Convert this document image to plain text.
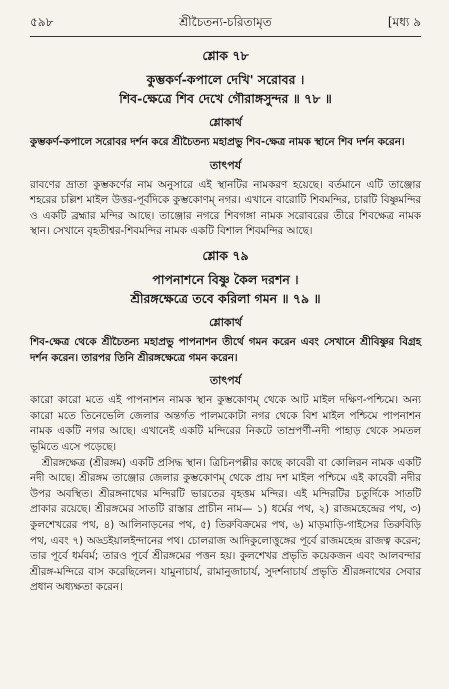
৫৯৮	শ্রীচৈতন্য-চরিতামৃত	[মধ্য ৯
শ্লোক ৭৮
কুম্ভকর্ণ-কপালে দেখি' সরোবর ।
শিব-ক্ষেত্রে শিব দেখে গৌরাঙ্গসুন্দর ॥ ৭৮ ॥
শ্লোকার্থ

কুম্ভকর্ণ-কপালে সরোবর দর্শন করে শ্রীচৈতন্য মহাপ্রভু শিব-ক্ষেত্র নামক স্থানে শিব দর্শন করেন।

তাৎপর্য

রাবণের ভ্রাতা কুম্ভকর্ণের নাম অনুসারে এই স্থানটির নামকরণ হয়েছে। বর্তমানে এটি তাঞ্জোর শহরের চল্লিশ মাইল উত্তর-পূর্বদিকে কুম্ভকোণম্ নগর। এখানে বারোটি শিবমন্দির, চারটি বিষ্ণুমন্দির ও একটি ব্রহ্মার মন্দির আছে। তাঞ্জোর নগরে শিবগঙ্গা নামক সরোবরের তীরে শিবক্ষেত্র নামক স্থান। সেখানে বৃহতীশ্বর-শিবমন্দির নামক একটি বিশাল শিবমন্দির আছে।

শ্লোক ৭৯
পাপনাশনে বিষ্ণু কৈল দরশন ।
শ্রীরঙ্গক্ষেত্রে তবে করিলা গমন ॥ ৭৯ ॥
শ্লোকার্থ

শিব-ক্ষেত্র থেকে শ্রীচৈতন্য মহাপ্রভু পাপনাশন তীর্থে গমন করেন এবং সেখানে শ্রীবিষ্ণুর বিগ্রহ দর্শন করেন। তারপর তিনি শ্রীরঙ্গক্ষেত্রে গমন করেন।

তাৎপর্য

কারো কারো মতে এই পাপনাশন নামক স্থান কুম্ভকোণম্ থেকে আট মাইল দক্ষিণ-পশ্চিমে। অন্য কারো মতে তিনেভেলি জেলার অন্তর্গত পালমকোটা নগর থেকে বিশ মাইল পশ্চিমে পাপনাশন নামক একটি নগর আছে। এখানেই একটি মন্দিরের নিকটে তাম্রপর্ণী-নদী পাহাড় থেকে সমতল ভূমিতে এসে পড়েছে।

শ্রীরঙ্গক্ষেত্র (শ্রীরঙ্গম) একটি প্রসিদ্ধ স্থান। ত্রিচিনপল্লীর কাছে কাবেরী বা কোলিরন নামক একটি নদী আছে। শ্রীরঙ্গম তাঞ্জোর জেলার কুম্ভকোণম্ থেকে প্রায় দশ মাইল পশ্চিমে এই কাবেরী নদীর উপর অবস্থিত। শ্রীরঙ্গনাথের মন্দিরটি ভারতের বৃহত্তম মন্দির। এই মন্দিরটির চতুর্দিকে সাতটি প্রাকার রয়েছে। শ্রীরঙ্গমের সাতটি রাস্তার প্রাচীন নাম— ১) ধর্মের পথ, ২) রাজমহেন্দ্রের পথ, ৩) কুলশেখরের পথ, ৪) আলিনাড়নের পথ, ৫) তিরুবিক্রমের পথ, ৬) মাড়মাড়ি-গাইসের তিরুবিড়ি পথ, এবং ৭) অড্ডইয়ালইন্দানের পথ। চোলরাজ আদিকুলোত্তুঙ্গের পূর্বে রাজমহেন্দ্র রাজত্ব করেন; তার পূর্বে ধর্মবর্ম; তারও পূর্বে শ্রীরঙ্গমের পত্তন হয়। কুলশেখর প্রভৃতি কয়েকজন এবং আলবন্দার শ্রীরঙ্গ-মন্দিরে বাস করেছিলেন। যামুনাচার্য, রামানুজাচার্য, সুদর্শনাচার্য প্রভৃতি শ্রীরঙ্গনাথের সেবার প্রধান অধ্যক্ষতা করেন।
